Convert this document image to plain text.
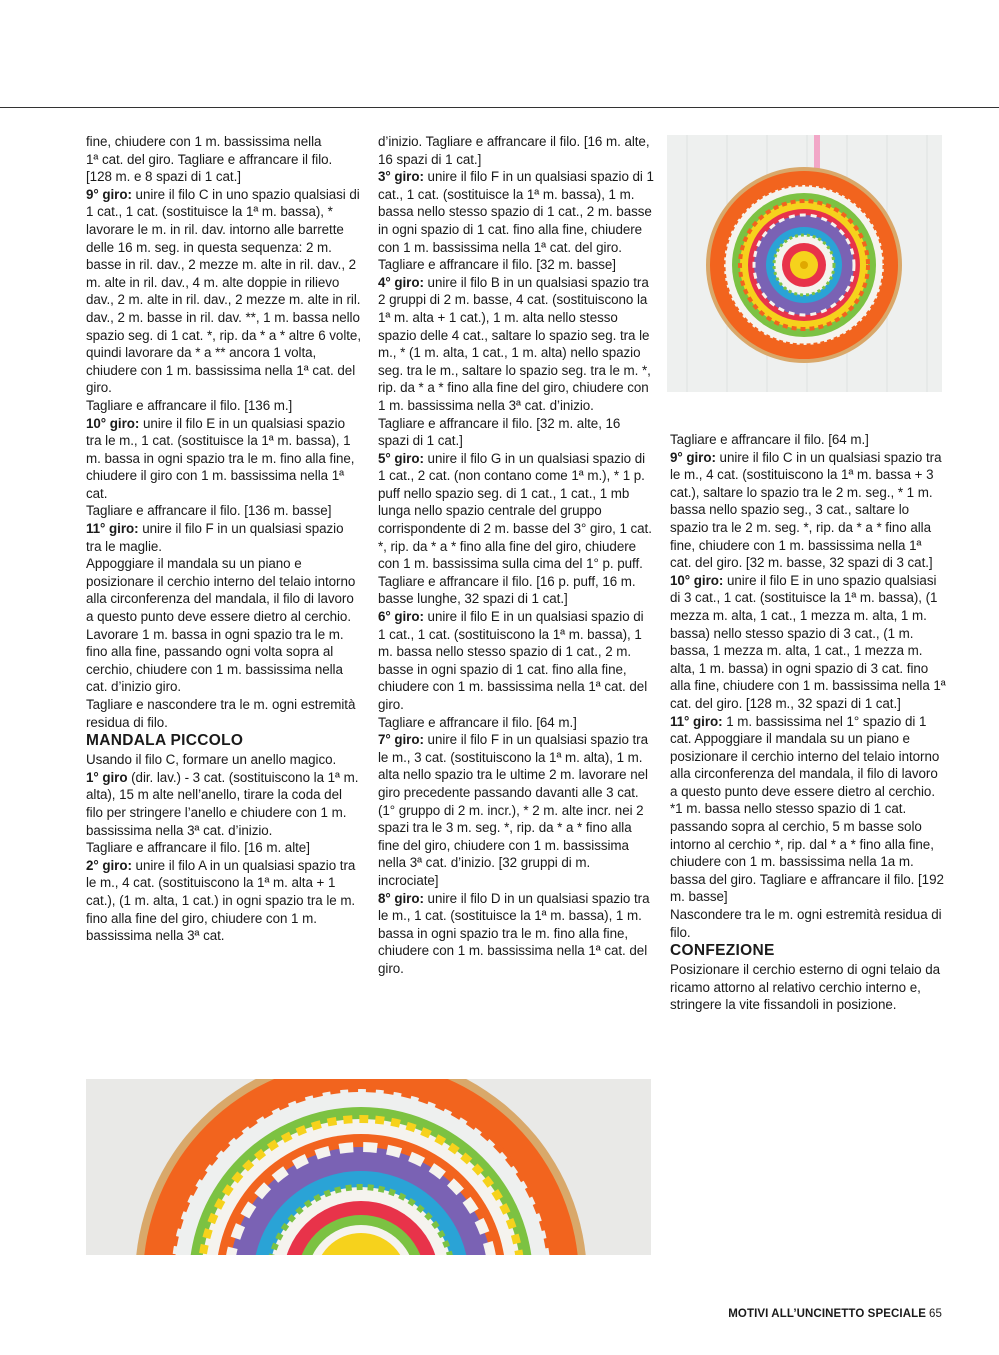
fine, chiudere con 1 m. bassissima nella

1ª cat. del giro. Tagliare e affrancare il filo.

[128 m. e 8 spazi di 1 cat.]

9° giro: unire il filo C in uno spazio qualsiasi di 1 cat., 1 cat. (sostituisce la 1ª m. bassa), * lavorare le m. in ril. dav. intorno alle barrette delle 16 m. seg. in questa sequenza: 2 m. basse in ril. dav., 2 mezze m. alte in ril. dav., 2 m. alte in ril. dav., 4 m. alte doppie in rilievo dav., 2 m. alte in ril. dav., 2 mezze m. alte in ril. dav., 2 m. basse in ril. dav. **, 1 m. bassa nello spazio seg. di 1 cat. *, rip. da * a * altre 6 volte, quindi lavorare da * a ** ancora 1 volta, chiudere con 1 m. bassissima nella 1ª cat. del giro.

Tagliare e affrancare il filo. [136 m.]

10° giro: unire il filo E in un qualsiasi spazio tra le m., 1 cat. (sostituisce la 1ª m. bassa), 1 m. bassa in ogni spazio tra le m. fino alla fine, chiudere il giro con 1 m. bassissima nella 1ª cat.

Tagliare e affrancare il filo. [136 m. basse]

11° giro: unire il filo F in un qualsiasi spazio tra le maglie.

Appoggiare il mandala su un piano e posizionare il cerchio interno del telaio intorno alla circonferenza del mandala, il filo di lavoro a questo punto deve essere dietro al cerchio.

Lavorare 1 m. bassa in ogni spazio tra le m. fino alla fine, passando ogni volta sopra al cerchio, chiudere con 1 m. bassissima nella cat. d’inizio giro.

Tagliare e nascondere tra le m. ogni estremità residua di filo.

MANDALA PICCOLO

Usando il filo C, formare un anello magico.

1° giro (dir. lav.) - 3 cat. (sostituiscono la 1ª m. alta), 15 m alte nell’anello, tirare la coda del filo per stringere l’anello e chiudere con 1 m. bassissima nella 3ª cat. d’inizio.

Tagliare e affrancare il filo. [16 m. alte]

2° giro: unire il filo A in un qualsiasi spazio tra le m., 4 cat. (sostituiscono la 1ª m. alta + 1 cat.), (1 m. alta, 1 cat.) in ogni spazio tra le m. fino alla fine del giro, chiudere con 1 m. bassissima nella 3ª cat.

d’inizio. Tagliare e affrancare il filo. [16 m. alte, 16 spazi di 1 cat.]

3° giro: unire il filo F in un qualsiasi spazio di 1 cat., 1 cat. (sostituisce la 1ª m. bassa), 1 m. bassa nello stesso spazio di 1 cat., 2 m. basse in ogni spazio di 1 cat. fino alla fine, chiudere con 1 m. bassissima nella 1ª cat. del giro.

Tagliare e affrancare il filo. [32 m. basse]

4° giro: unire il filo B in un qualsiasi spazio tra 2 gruppi di 2 m. basse, 4 cat. (sostituiscono la 1ª m. alta + 1 cat.), 1 m. alta nello stesso spazio delle 4 cat., saltare lo spazio seg. tra le m., * (1 m. alta, 1 cat., 1 m. alta) nello spazio seg. tra le m., saltare lo spazio seg. tra le m. *, rip. da * a * fino alla fine del giro, chiudere con 1 m. bassissima nella 3ª cat. d’inizio.

Tagliare e affrancare il filo. [32 m. alte, 16 spazi di 1 cat.]

5° giro: unire il filo G in un qualsiasi spazio di 1 cat., 2 cat. (non contano come 1ª m.), * 1 p. puff nello spazio seg. di 1 cat., 1 cat., 1 mb lunga nello spazio centrale del gruppo corrispondente di 2 m. basse del 3° giro, 1 cat. *, rip. da * a * fino alla fine del giro, chiudere con 1 m. bassissima sulla cima del 1° p. puff.

Tagliare e affrancare il filo. [16 p. puff, 16 m. basse lunghe, 32 spazi di 1 cat.]

6° giro: unire il filo E in un qualsiasi spazio di 1 cat., 1 cat. (sostituiscono la 1ª m. bassa), 1 m. bassa nello stesso spazio di 1 cat., 2 m. basse in ogni spazio di 1 cat. fino alla fine, chiudere con 1 m. bassissima nella 1ª cat. del giro.

Tagliare e affrancare il filo. [64 m.]

7° giro: unire il filo F in un qualsiasi spazio tra le m., 3 cat. (sostituiscono la 1ª m. alta), 1 m. alta nello spazio tra le ultime 2 m. lavorare nel giro precedente passando davanti alle 3 cat. (1° gruppo di 2 m. incr.), * 2 m. alte incr. nei 2 spazi tra le 3 m. seg. *, rip. da * a * fino alla fine del giro, chiudere con 1 m. bassissima nella 3ª cat. d’inizio. [32 gruppi di m. incrociate]

8° giro: unire il filo D in un qualsiasi spazio tra le m., 1 cat. (sostituisce la 1ª m. bassa), 1 m. bassa in ogni spazio tra le m. fino alla fine, chiudere con 1 m. bassissima nella 1ª cat. del giro.

Tagliare e affrancare il filo. [64 m.]

9° giro: unire il filo C in un qualsiasi spazio tra le m., 4 cat. (sostituiscono la 1ª m. bassa + 3 cat.), saltare lo spazio tra le 2 m. seg., * 1 m. bassa nello spazio seg., 3 cat., saltare lo spazio tra le 2 m. seg. *, rip. da * a * fino alla fine, chiudere con 1 m. bassissima nella 1ª cat. del giro. [32 m. basse, 32 spazi di 3 cat.]

10° giro: unire il filo E in uno spazio qualsiasi di 3 cat., 1 cat. (sostituisce la 1ª m. bassa), (1 mezza m. alta, 1 cat., 1 mezza m. alta, 1 m. bassa) nello stesso spazio di 3 cat., (1 m. bassa, 1 mezza m. alta, 1 cat., 1 mezza m. alta, 1 m. bassa) in ogni spazio di 3 cat. fino alla fine, chiudere con 1 m. bassissima nella 1ª cat. del giro. [128 m., 32 spazi di 1 cat.]

11° giro: 1 m. bassissima nel 1° spazio di 1 cat. Appoggiare il mandala su un piano e posizionare il cerchio interno del telaio intorno alla circonferenza del mandala, il filo di lavoro a questo punto deve essere dietro al cerchio. *1 m. bassa nello stesso spazio di 1 cat. passando sopra al cerchio, 5 m basse solo intorno al cerchio *, rip. dal * a * fino alla fine, chiudere con 1 m. bassissima nella 1a m. bassa del giro. Tagliare e affrancare il filo. [192 m. basse]

Nascondere tra le m. ogni estremità residua di filo.

CONFEZIONE

Posizionare il cerchio esterno di ogni telaio da ricamo attorno al relativo cerchio interno e, stringere la vite fissandoli in posizione.

MOTIVI ALL’UNCINETTO SPECIALE 65
